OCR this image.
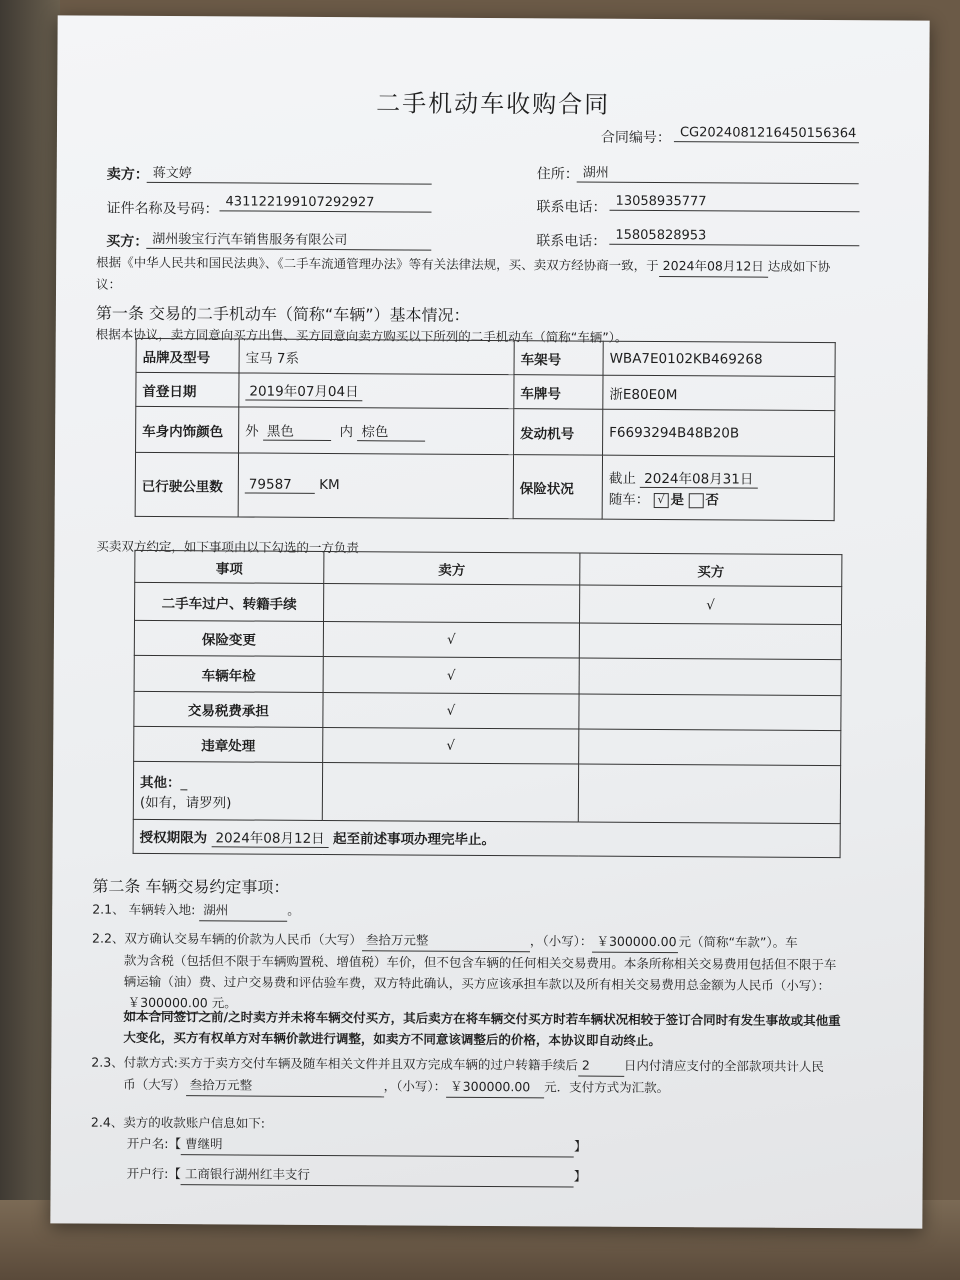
二手机动车收购合同
合同编号： CG2024081216450156364
卖方： 蒋文婷	住所： 湖州
证件名称及号码： 431122199107292927	联系电话： 13058935777
买方： 湖州骏宝行汽车销售服务有限公司	联系电话： 15805828953
根据《中华人民共和国民法典》、《二手车流通管理办法》等有关法律法规，买、卖双方经协商一致，于 2024年08月12日 达成如下协
议：
第一条 交易的二手机动车（简称“车辆”）基本情况：
根据本协议，卖方同意向买方出售、买方同意向卖方购买以下所列的二手机动车（简称“车辆”）。
品牌及型号	宝马 7系	车架号	WBA7E0102KB469268
首登日期	2019年07月04日	车牌号	浙E80E0M
车身内饰颜色	外 黑色 内 棕色	发动机号	F6693294B48B20B
已行驶公里数	79587 KM	保险状况	截止 2024年08月31日
随车： √ 是 否
买卖双方约定，如下事项由以下勾选的一方负责
事项	卖方	买方
二手车过户、转籍手续		√
保险变更	√	
车辆年检	√	
交易税费承担	√	
违章处理	√	
其他：_
(如有，请罗列)		
授权期限为 2024年08月12日 起至前述事项办理完毕止。		
第二条 车辆交易约定事项：
2.1、 车辆转入地: 湖州	。
2.2、双方确认交易车辆的价款为人民币（大写） 叁拾万元整	，（小写）： ￥300000.00 元（简称“车款”）。车
款为含税（包括但不限于车辆购置税、增值税）车价，但不包含车辆的任何相关交易费用。本条所称相关交易费用包括但不限于车
辆运输（油）费、过户交易费和评估验车费，双方特此确认，买方应该承担车款以及所有相关交易费用总金额为人民币（小写）：
￥300000.00 元。
如本合同签订之前/之时卖方并未将车辆交付买方，其后卖方在将车辆交付买方时若车辆状况相较于签订合同时有发生事故或其他重
大变化，买方有权单方对车辆价款进行调整，如卖方不同意该调整后的价格，本协议即自动终止。
2.3、付款方式:买方于卖方交付车辆及随车相关文件并且双方完成车辆的过户转籍手续后 2	日内付清应支付的全部款项共计人民
币（大写） 叁拾万元整	，（小写）： ￥300000.00 元．支付方式为汇款。
2.4、卖方的收款账户信息如下:
开户名:【 曹继明	】

开户行:【 工商银行湖州红丰支行	】
